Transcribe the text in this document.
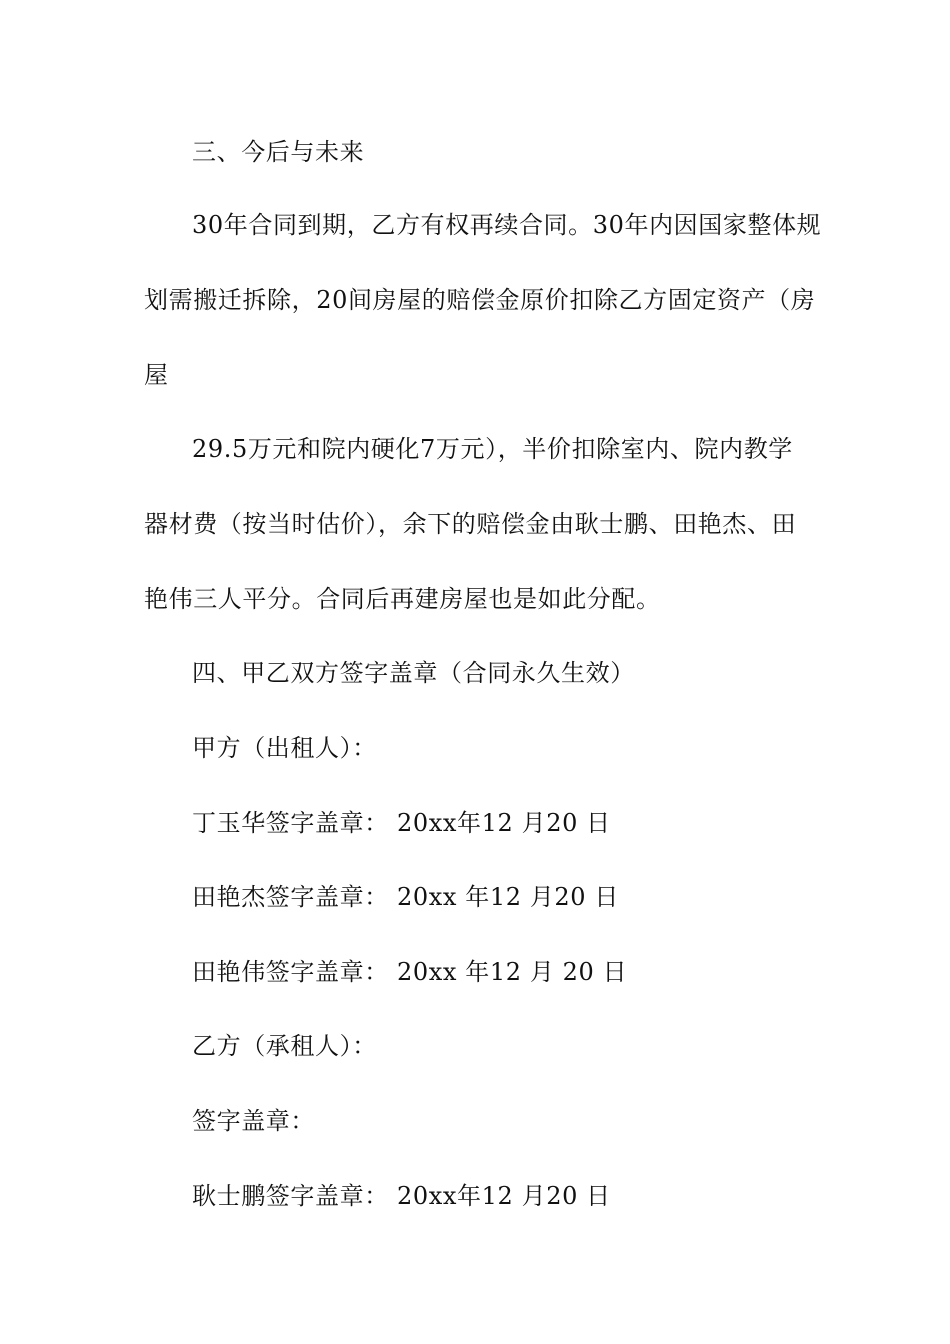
三、今后与未来
30年合同到期，乙方有权再续合同。30年内因国家整体规
划需搬迁拆除，20间房屋的赔偿金原价扣除乙方固定资产（房
屋
29.5万元和院内硬化7万元），半价扣除室内、院内教学
器材费（按当时估价），余下的赔偿金由耿士鹏、田艳杰、田
艳伟三人平分。合同后再建房屋也是如此分配。
四、甲乙双方签字盖章（合同永久生效）
甲方（出租人）：
丁玉华签字盖章： 20xx年12 月20 日
田艳杰签字盖章： 20xx 年12 月20 日
田艳伟签字盖章： 20xx 年12 月 20 日
乙方（承租人）：
签字盖章：
耿士鹏签字盖章： 20xx年12 月20 日
